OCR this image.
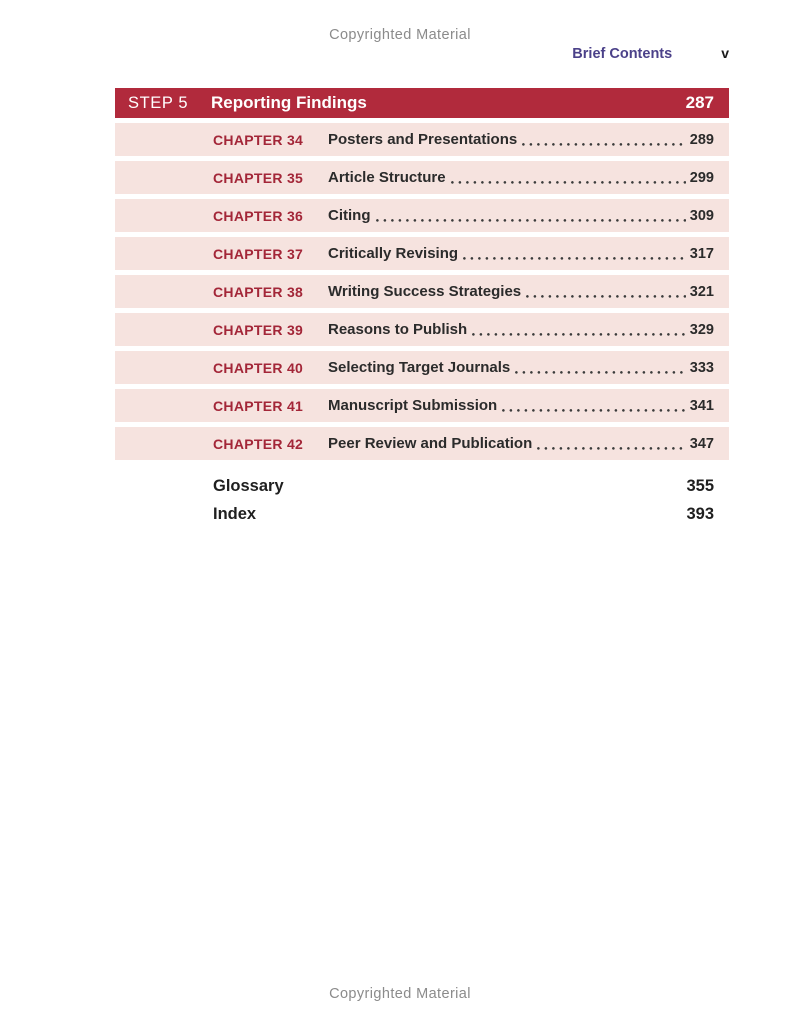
Copyrighted Material
Brief Contents	v
STEP 5	Reporting Findings	287
CHAPTER 34	Posters and Presentations	289
CHAPTER 35	Article Structure	299
CHAPTER 36	Citing	309
CHAPTER 37	Critically Revising	317
CHAPTER 38	Writing Success Strategies	321
CHAPTER 39	Reasons to Publish	329
CHAPTER 40	Selecting Target Journals	333
CHAPTER 41	Manuscript Submission	341
CHAPTER 42	Peer Review and Publication	347
Glossary	355
Index	393
Copyrighted Material
